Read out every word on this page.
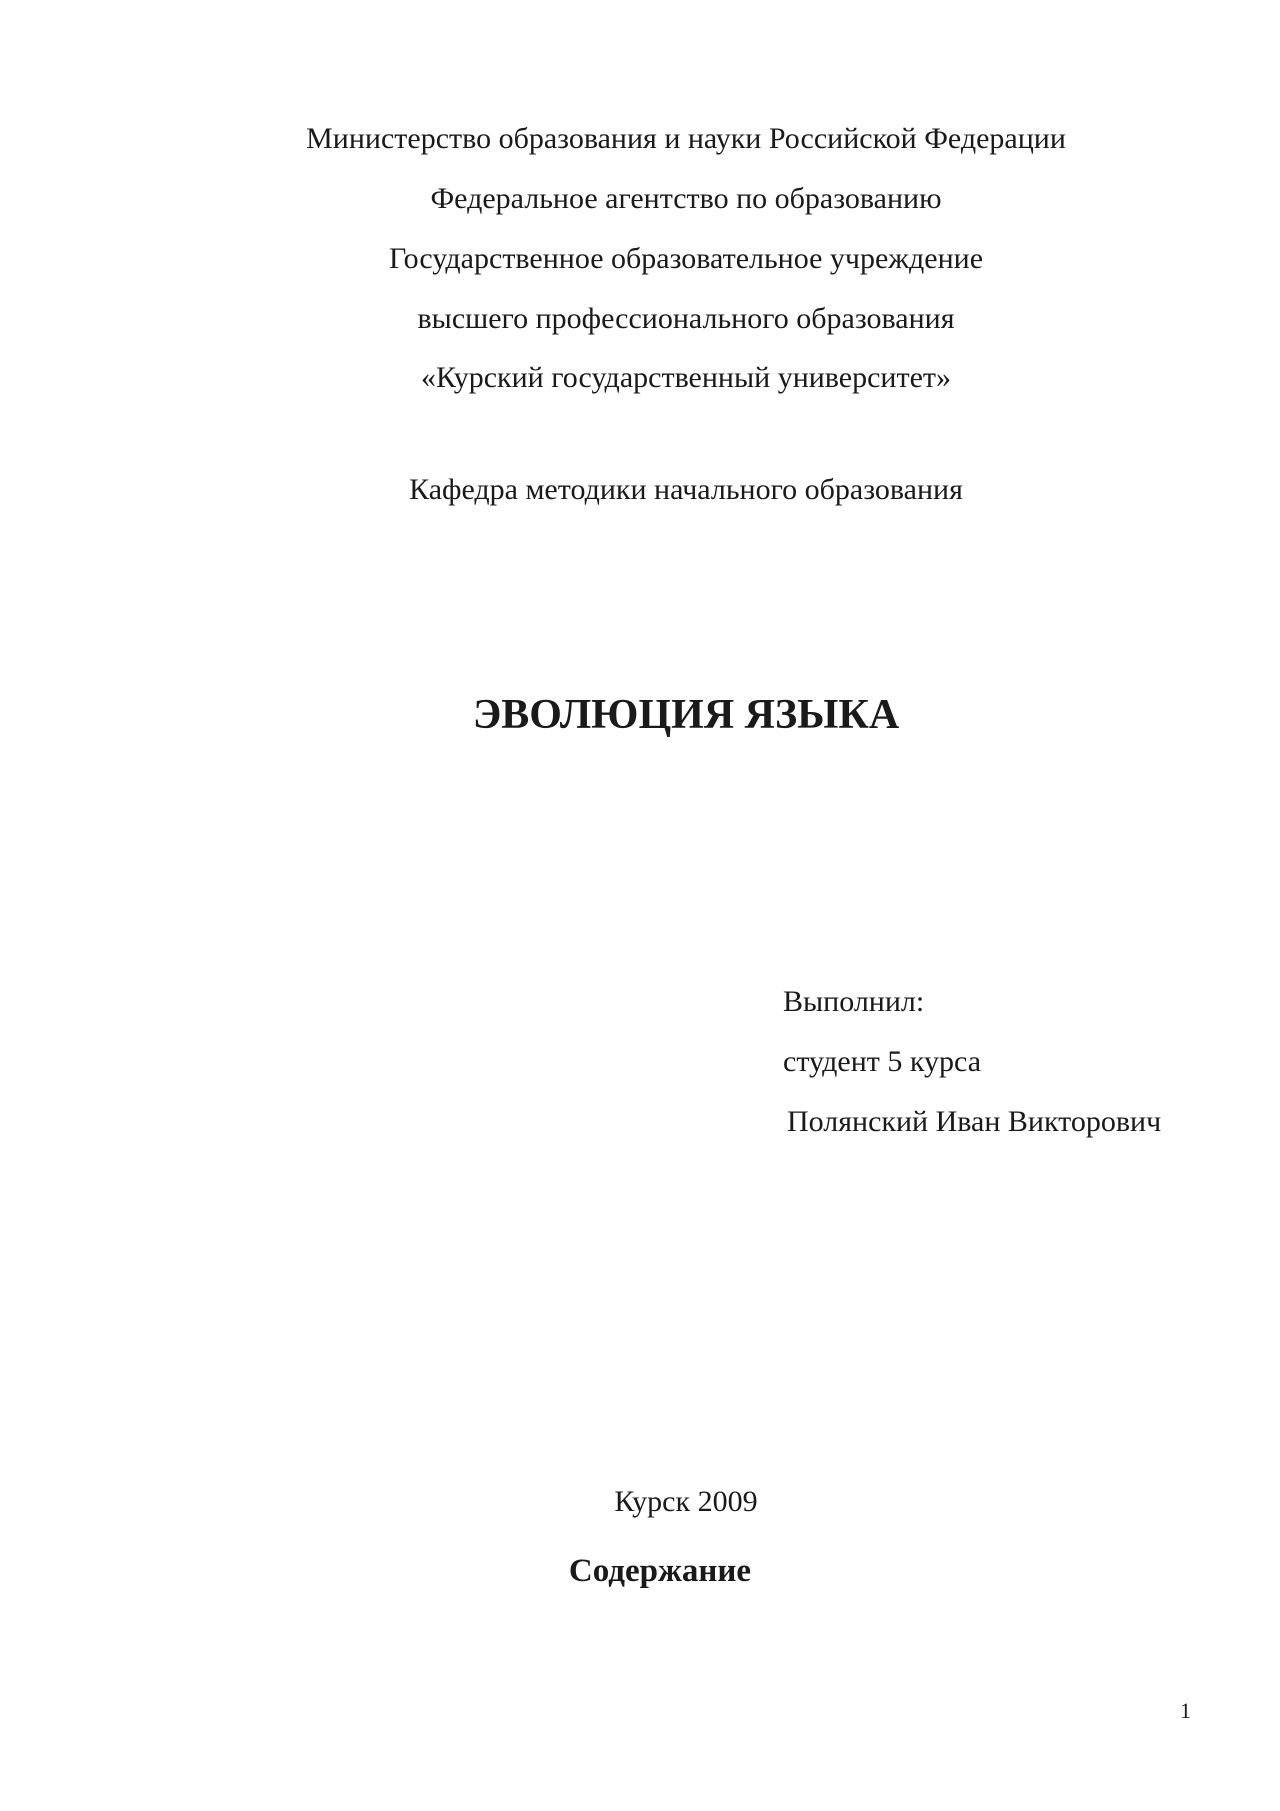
Министерство образования и науки Российской Федерации
Федеральное агентство по образованию
Государственное образовательное учреждение
высшего профессионального образования
«Курский государственный университет»
Кафедра методики начального образования
ЭВОЛЮЦИЯ ЯЗЫКА
Выполнил:
студент 5 курса
Полянский Иван Викторович
Курск 2009
Содержание
1
